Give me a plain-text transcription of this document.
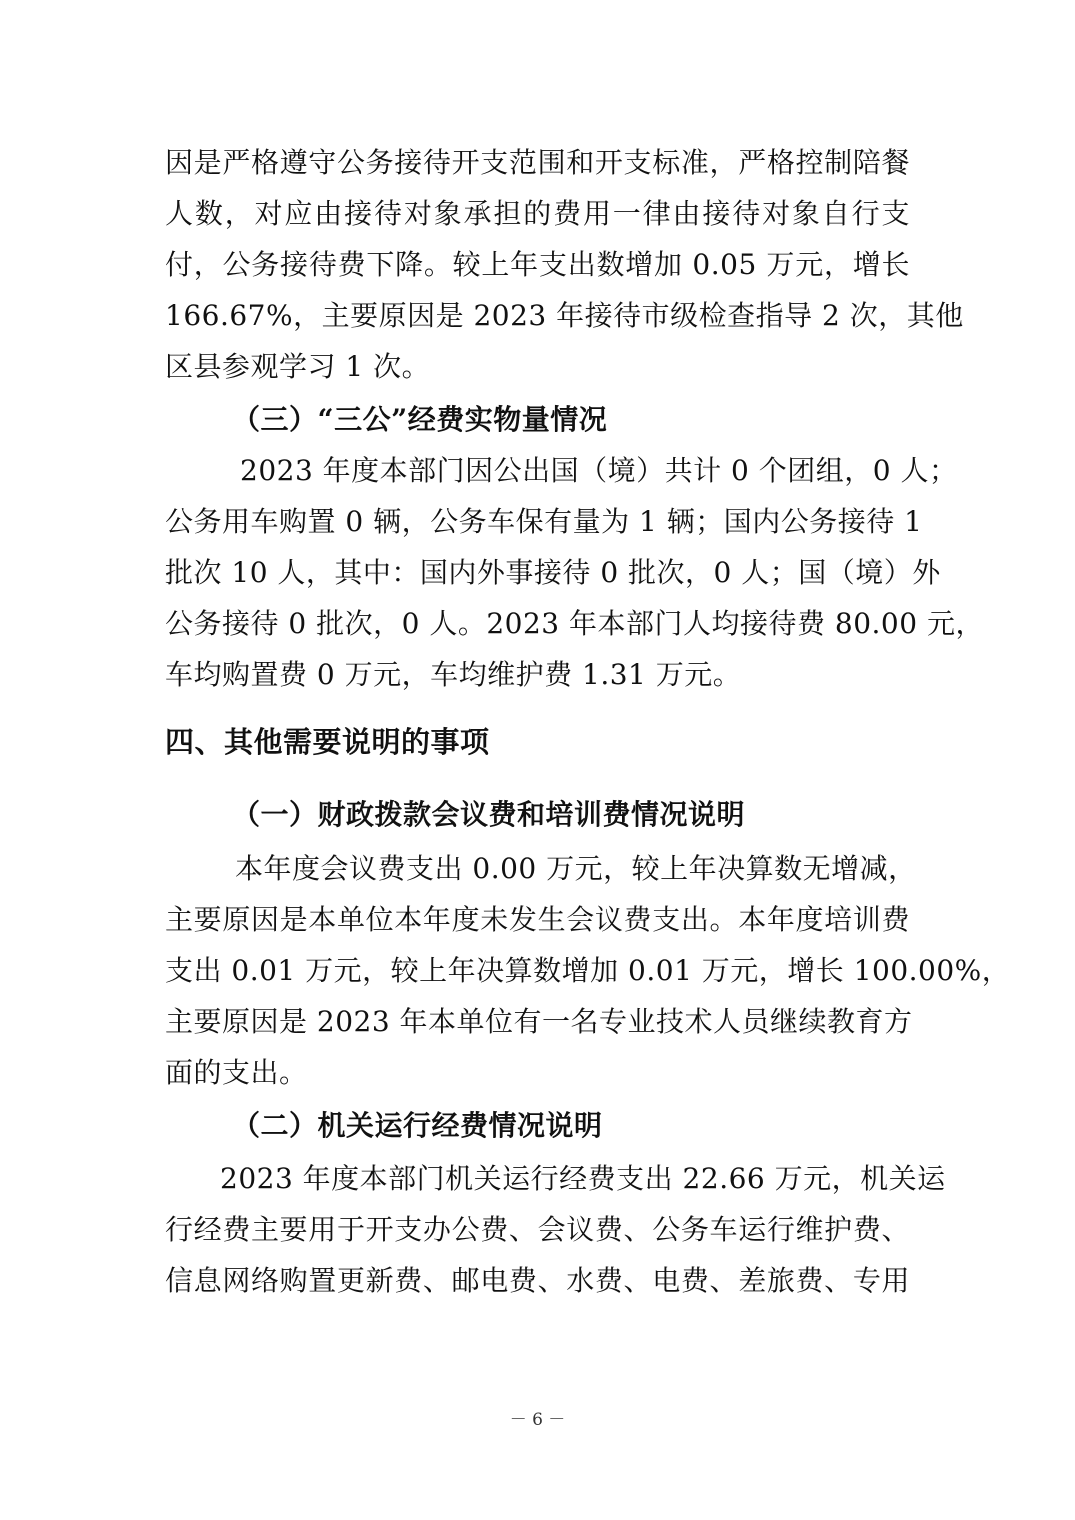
因是严格遵守公务接待开支范围和开支标准，严格控制陪餐
人数，对应由接待对象承担的费用一律由接待对象自行支
付，公务接待费下降。较上年支出数增加 0.05 万元，增长
166.67%，主要原因是 2023 年接待市级检查指导 2 次，其他
区县参观学习 1 次。
（三）“三公”经费实物量情况
2023 年度本部门因公出国（境）共计 0 个团组，0 人；
公务用车购置 0 辆，公务车保有量为 1 辆；国内公务接待 1
批次 10 人，其中：国内外事接待 0 批次，0 人；国（境）外
公务接待 0 批次，0 人。2023 年本部门人均接待费 80.00 元，
车均购置费 0 万元，车均维护费 1.31 万元。
四、其他需要说明的事项
（一）财政拨款会议费和培训费情况说明
本年度会议费支出 0.00 万元，较上年决算数无增减，
主要原因是本单位本年度未发生会议费支出。本年度培训费
支出 0.01 万元，较上年决算数增加 0.01 万元，增长 100.00%，
主要原因是 2023 年本单位有一名专业技术人员继续教育方
面的支出。
（二）机关运行经费情况说明
2023 年度本部门机关运行经费支出 22.66 万元，机关运
行经费主要用于开支办公费、会议费、公务车运行维护费、
信息网络购置更新费、邮电费、水费、电费、差旅费、专用
－ 6 －
